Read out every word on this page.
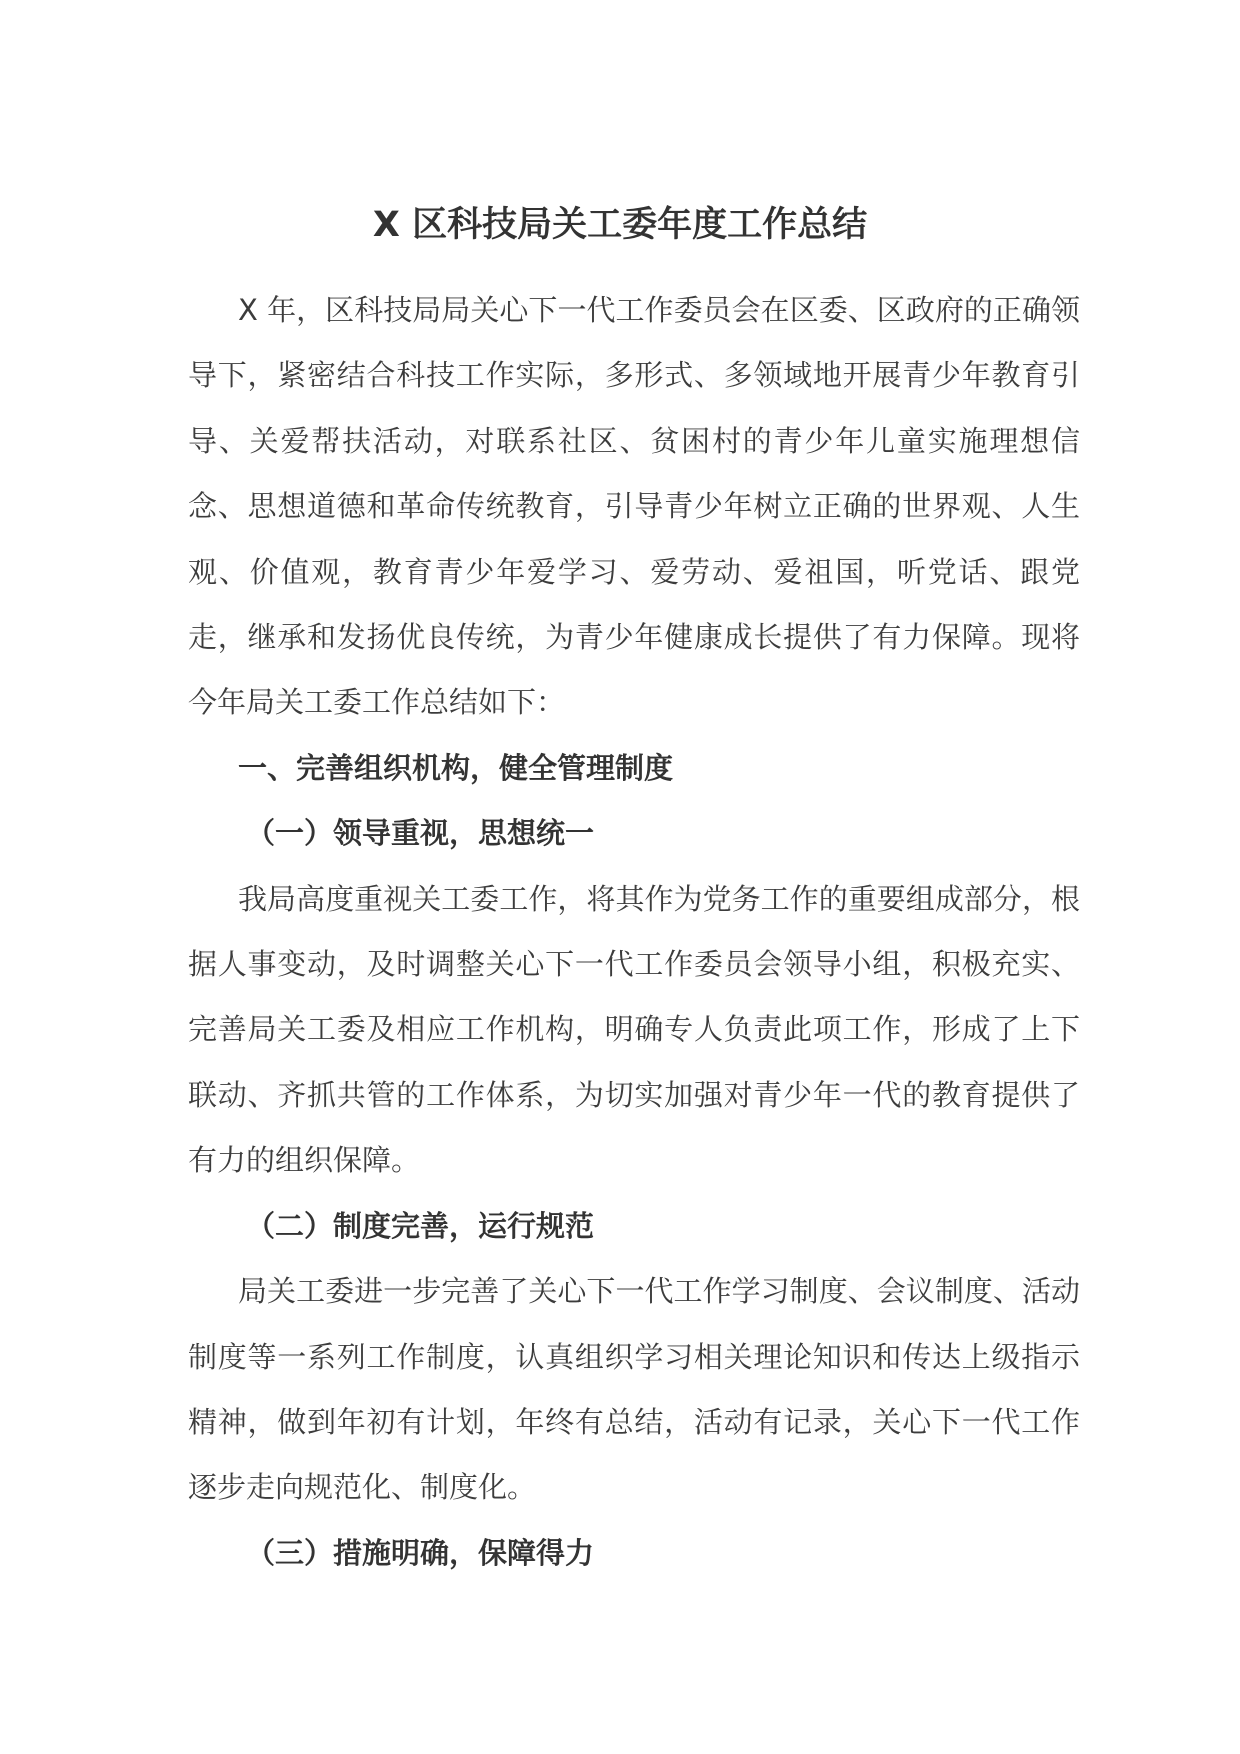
X 区科技局关工委年度工作总结

X 年，区科技局局关心下一代工作委员会在区委、区政府的正确领导下，紧密结合科技工作实际，多形式、多领域地开展青少年教育引导、关爱帮扶活动，对联系社区、贫困村的青少年儿童实施理想信念、思想道德和革命传统教育，引导青少年树立正确的世界观、人生观、价值观，教育青少年爱学习、爱劳动、爱祖国，听党话、跟党走，继承和发扬优良传统，为青少年健康成长提供了有力保障。现将今年局关工委工作总结如下：

一、完善组织机构，健全管理制度

（一）领导重视，思想统一

我局高度重视关工委工作，将其作为党务工作的重要组成部分，根据人事变动，及时调整关心下一代工作委员会领导小组，积极充实、完善局关工委及相应工作机构，明确专人负责此项工作，形成了上下联动、齐抓共管的工作体系，为切实加强对青少年一代的教育提供了有力的组织保障。

（二）制度完善，运行规范

局关工委进一步完善了关心下一代工作学习制度、会议制度、活动制度等一系列工作制度，认真组织学习相关理论知识和传达上级指示精神，做到年初有计划，年终有总结，活动有记录，关心下一代工作逐步走向规范化、制度化。

（三）措施明确，保障得力
